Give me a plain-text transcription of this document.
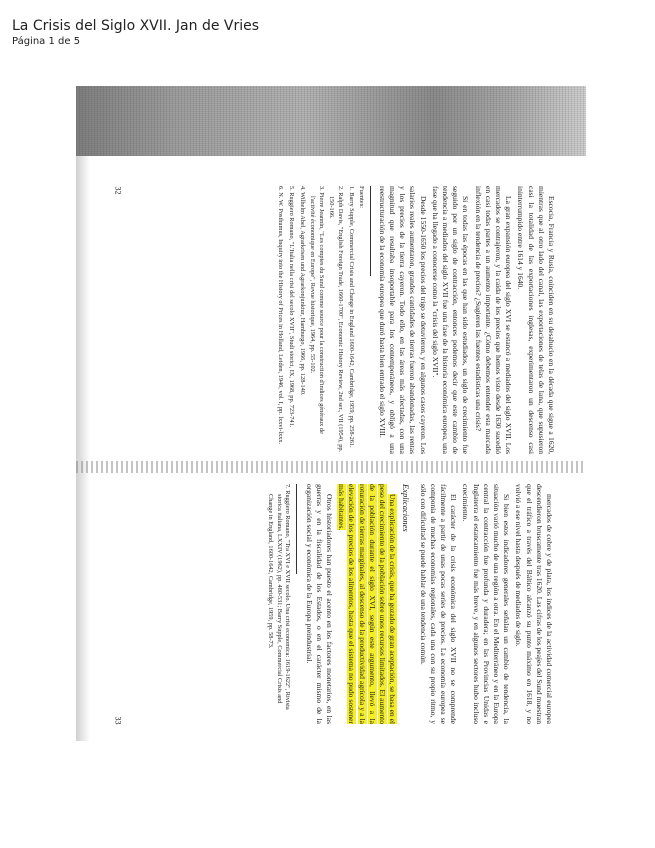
La Crisis del Siglo XVII. Jan de Vries
Página 1 de 5

Escocia, Francia y Rusia, coinciden en su desahucio en la década que sigue a 1620, mientras que al otro lado del canal, las exportaciones de telas de lana, que supusieron casi la totalidad de las exportaciones inglesas, experimentaron un descenso casi ininterrumpido entre 1614 y 1640.

La gran expansión europea del siglo XVI se estancó a mediados del siglo XVII. Los mercados se contrajeron, y la caída de los precios que hemos visto desde 1630 sucedió en casi todas partes a un aumento importante. ¿Cómo debemos entender esta marcada inflexión en la tendencia de precios? ¿Sugieren las fuentes estadísticas una crisis?

Si en todas las épocas en las que han sido estudiados, un siglo de crecimiento fue seguido por un siglo de contracción, entonces podemos decir que este cambio de tendencia a mediados del siglo XVII fue una fase de la historia económica europea, una fase que ha llegado a conocerse como la "crisis del siglo XVII".

Desde 1550-1650 los precios del trigo se detuvieron, y en algunos casos cayeron. Los salarios reales aumentaron, grandes cantidades de tierras fueron abandonadas, las rentas y los precios de la tierra cayeron. Todo ello, en las áreas más afectadas, con una magnitud que resultaba insoportable para los contemporáneos, y obligó a una reestructuración de la economía europea que duró hasta bien entrado el siglo XVIII.

Fuentes:
1. Barry Supple, Commercial Crisis and Change in England 1600-1642, Cambridge, 1959, pp. 258-261.
2. Ralph Davis, "English Foreign Trade, 1660-1700", Economic History Review, 2nd ser., VII (1954), pp. 150-166.
3. Pierre Jeannin, "Les comptes du Sund comme source pour la construction d'indices généraux de l'activité économique en Europe", Revue historique, 1964, pp. 55-102.
4. Wilhelm Abel, Agrarkrisen und Agrarkonjunktur, Hamburgo, 1966, pp. 128-140.
5. Ruggiero Romano, "L'Italia nella crisi del secolo XVII", Studi storici, IX, 1968, pp. 723-741.
6. N. W. Posthumus, Inquiry into the History of Prices in Holland, Leiden, 1946, vol. I, pp. lxxvi-lxxx.
32

mercados de cobre y de plata, los índices de la actividad comercial europea descendieron bruscamente tras 1620. Las cifras de los peajes del Sund muestran que el tráfico a través del Báltico alcanzó su punto máximo en 1618, y no volvió a ese nivel hasta después de mediados de siglo.

Si bien estos indicadores generales señalan un cambio de tendencia, la situación varió mucho de una región a otra. En el Mediterráneo y en la Europa central la contracción fue profunda y duradera; en las Provincias Unidas e Inglaterra el estancamiento fue más breve, y en algunos sectores hubo incluso crecimiento.

El carácter de la crisis económica del siglo XVII no se comprende fácilmente a partir de unas pocas series de precios. La economía europea se componía de muchas economías regionales, cada una con su propio ritmo, y sólo con dificultad se puede hablar de una tendencia común.

Explicaciones

Una explicación de la crisis, que ha gozado de gran aceptación, se basa en el peso del crecimiento de la población sobre unos recursos limitados. El aumento de la población durante el siglo XVI, según este argumento, llevó a la roturación de tierras marginales, al descenso de la productividad agrícola y a la elevación de los precios de los alimentos, hasta que el sistema no pudo sostener más habitantes.

Otros historiadores han puesto el acento en los factores monetarios, en las guerras y en la fiscalidad de los Estados, o en el carácter mismo de la organización social y económica de la Europa preindustrial.

7. Ruggiero Romano, "Tra XVI e XVII secolo. Una crisi economica: 1619-1622", Rivista storica italiana, LXXIV (1962), pp. 480-531; Barry Supple, Commercial Crisis and Change in England, 1600-1642, Cambridge, 1959, pp. 58-73.
33
